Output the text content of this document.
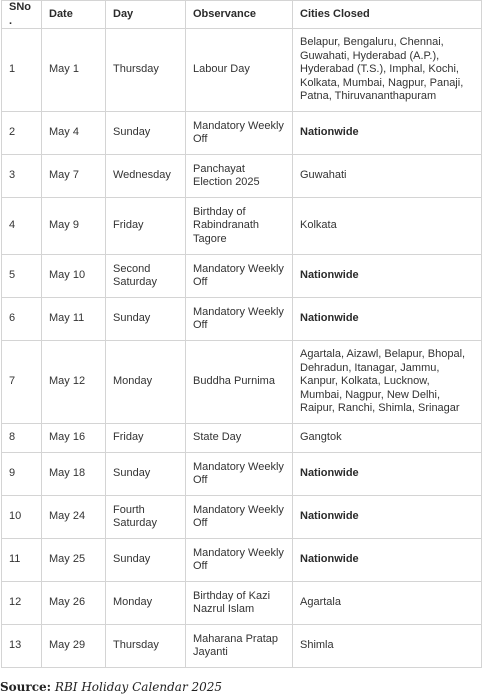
SNo.	Date	Day	Observance	Cities Closed
1	May 1	Thursday	Labour Day	Belapur, Bengaluru, Chennai, Guwahati, Hyderabad (A.P.), Hyderabad (T.S.), Imphal, Kochi, Kolkata, Mumbai, Nagpur, Panaji, Patna, Thiruvananthapuram
2	May 4	Sunday	Mandatory Weekly Off	Nationwide
3	May 7	Wednesday	Panchayat Election 2025	Guwahati
4	May 9	Friday	Birthday of Rabindranath Tagore	Kolkata
5	May 10	Second Saturday	Mandatory Weekly Off	Nationwide
6	May 11	Sunday	Mandatory Weekly Off	Nationwide
7	May 12	Monday	Buddha Purnima	Agartala, Aizawl, Belapur, Bhopal, Dehradun, Itanagar, Jammu, Kanpur, Kolkata, Lucknow, Mumbai, Nagpur, New Delhi, Raipur, Ranchi, Shimla, Srinagar
8	May 16	Friday	State Day	Gangtok
9	May 18	Sunday	Mandatory Weekly Off	Nationwide
10	May 24	Fourth Saturday	Mandatory Weekly Off	Nationwide
11	May 25	Sunday	Mandatory Weekly Off	Nationwide
12	May 26	Monday	Birthday of Kazi Nazrul Islam	Agartala
13	May 29	Thursday	Maharana Pratap Jayanti	Shimla
Source: RBI Holiday Calendar 2025
